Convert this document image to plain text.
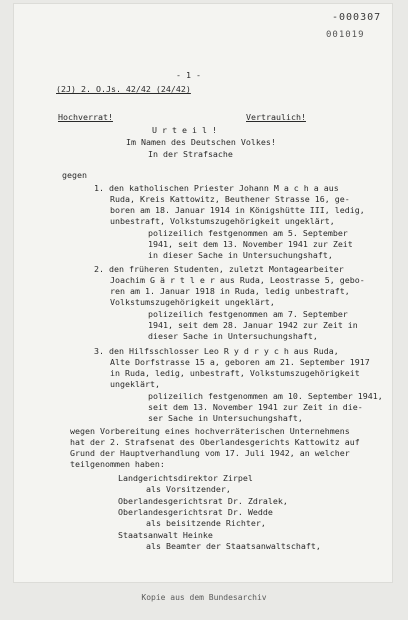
-000307
001019
- 1 -
(2J) 2. O.Js. 42/42 (24/42)
Hochverrat!	Vertraulich!
U r t e i l !
Im Namen des Deutschen Volkes!
In der Strafsache
gegen
1. den katholischen Priester Johann M a c h a aus
Ruda, Kreis Kattowitz, Beuthener Strasse 16, ge-
boren am 18. Januar 1914 in Königshütte III, ledig,
unbestraft, Volkstumszugehörigkeit ungeklärt,
polizeilich festgenommen am 5. September
1941, seit dem 13. November 1941 zur Zeit
in dieser Sache in Untersuchungshaft,
2. den früheren Studenten, zuletzt Montagearbeiter
Joachim G ä r t l e r aus Ruda, Leostrasse 5, gebo-
ren am 1. Januar 1918 in Ruda, ledig unbestraft,
Volkstumszugehörigkeit ungeklärt,
polizeilich festgenommen am 7. September
1941, seit dem 28. Januar 1942 zur Zeit in
dieser Sache in Untersuchungshaft,
3. den Hilfsschlosser Leo R y d r y c h aus Ruda,
Alte Dorfstrasse 15 a, geboren am 21. September 1917
in Ruda, ledig, unbestraft, Volkstumszugehörigkeit
ungeklärt,
polizeilich festgenommen am 10. September 1941,
seit dem 13. November 1941 zur Zeit in die-
ser Sache in Untersuchungshaft,
wegen Vorbereitung eines hochverräterischen Unternehmens
hat der 2. Strafsenat des Oberlandesgerichts Kattowitz auf
Grund der Hauptverhandlung vom 17. Juli 1942, an welcher
teilgenommen haben:
Landgerichtsdirektor Zirpel
als Vorsitzender,
Oberlandesgerichtsrat Dr. Zdralek,
Oberlandesgerichtsrat Dr. Wedde
als beisitzende Richter,
Staatsanwalt Heinke
als Beamter der Staatsanwaltschaft,
Kopie aus dem Bundesarchiv
